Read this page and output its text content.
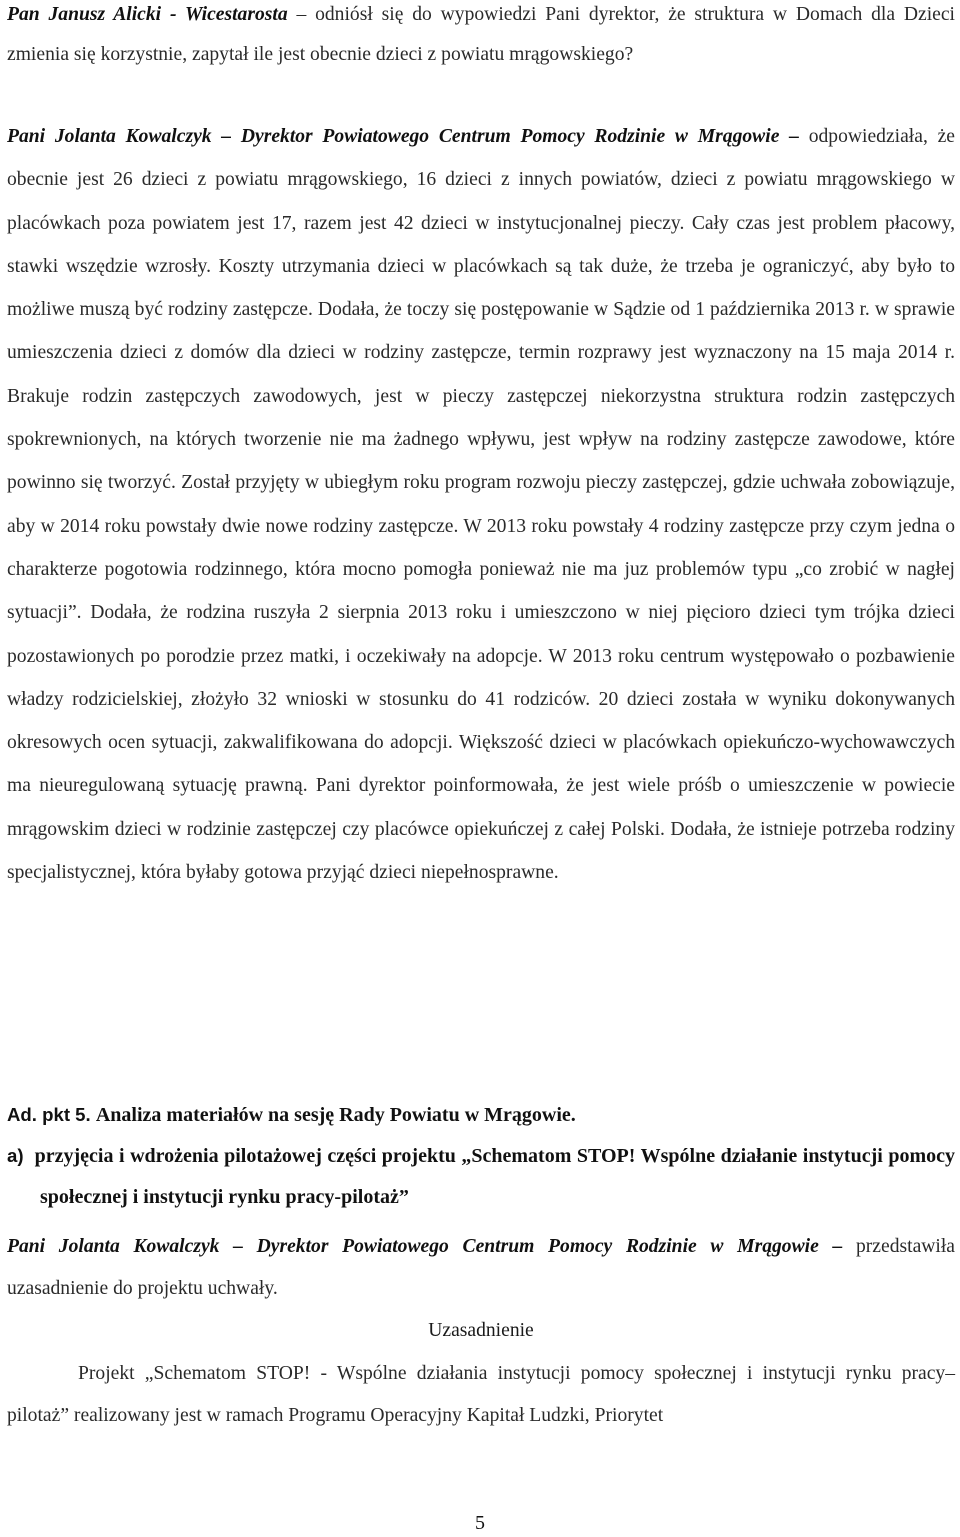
Pan Janusz Alicki - Wicestarosta – odniósł się do wypowiedzi Pani dyrektor, że struktura w Domach dla Dzieci zmienia się korzystnie, zapytał ile jest obecnie dzieci z powiatu mrągowskiego?

Pani Jolanta Kowalczyk – Dyrektor Powiatowego Centrum Pomocy Rodzinie w Mrągowie – odpowiedziała, że obecnie jest 26 dzieci z powiatu mrągowskiego, 16 dzieci z innych powiatów, dzieci z powiatu mrągowskiego w placówkach poza powiatem jest 17, razem jest 42 dzieci w instytucjonalnej pieczy. Cały czas jest problem płacowy, stawki wszędzie wzrosły. Koszty utrzymania dzieci w placówkach są tak duże, że trzeba je ograniczyć, aby było to możliwe muszą być rodziny zastępcze. Dodała, że toczy się postępowanie w Sądzie od 1 października 2013 r. w sprawie umieszczenia dzieci z domów dla dzieci w rodziny zastępcze, termin rozprawy jest wyznaczony na 15 maja 2014 r. Brakuje rodzin zastępczych zawodowych, jest w pieczy zastępczej niekorzystna struktura rodzin zastępczych spokrewnionych, na których tworzenie nie ma żadnego wpływu, jest wpływ na rodziny zastępcze zawodowe, które powinno się tworzyć. Został przyjęty w ubiegłym roku program rozwoju pieczy zastępczej, gdzie uchwała zobowiązuje, aby w 2014 roku powstały dwie nowe rodziny zastępcze. W 2013 roku powstały 4 rodziny zastępcze przy czym jedna o charakterze pogotowia rodzinnego, która mocno pomogła ponieważ nie ma juz problemów typu „co zrobić w nagłej sytuacji”. Dodała, że rodzina ruszyła 2 sierpnia 2013 roku i umieszczono w niej pięcioro dzieci tym trójka dzieci pozostawionych po porodzie przez matki, i oczekiwały na adopcje. W 2013 roku centrum występowało o pozbawienie władzy rodzicielskiej, złożyło 32 wnioski w stosunku do 41 rodziców. 20 dzieci została w wyniku dokonywanych okresowych ocen sytuacji, zakwalifikowana do adopcji. Większość dzieci w placówkach opiekuńczo-wychowawczych ma nieuregulowaną sytuację prawną. Pani dyrektor poinformowała, że jest wiele próśb o umieszczenie w powiecie mrągowskim dzieci w rodzinie zastępczej czy placówce opiekuńczej z całej Polski. Dodała, że istnieje potrzeba rodziny specjalistycznej, która byłaby gotowa przyjąć dzieci niepełnosprawne.

Ad. pkt 5. Analiza materiałów na sesję Rady Powiatu w Mrągowie.

a) przyjęcia i wdrożenia pilotażowej części projektu „Schematom STOP! Wspólne działanie instytucji pomocy społecznej i instytucji rynku pracy-pilotaż”

Pani Jolanta Kowalczyk – Dyrektor Powiatowego Centrum Pomocy Rodzinie w Mrągowie – przedstawiła uzasadnienie do projektu uchwały.

Uzasadnienie

Projekt „Schematom STOP! - Wspólne działania instytucji pomocy społecznej i instytucji rynku pracy– pilotaż” realizowany jest w ramach Programu Operacyjny Kapitał Ludzki, Priorytet

5
